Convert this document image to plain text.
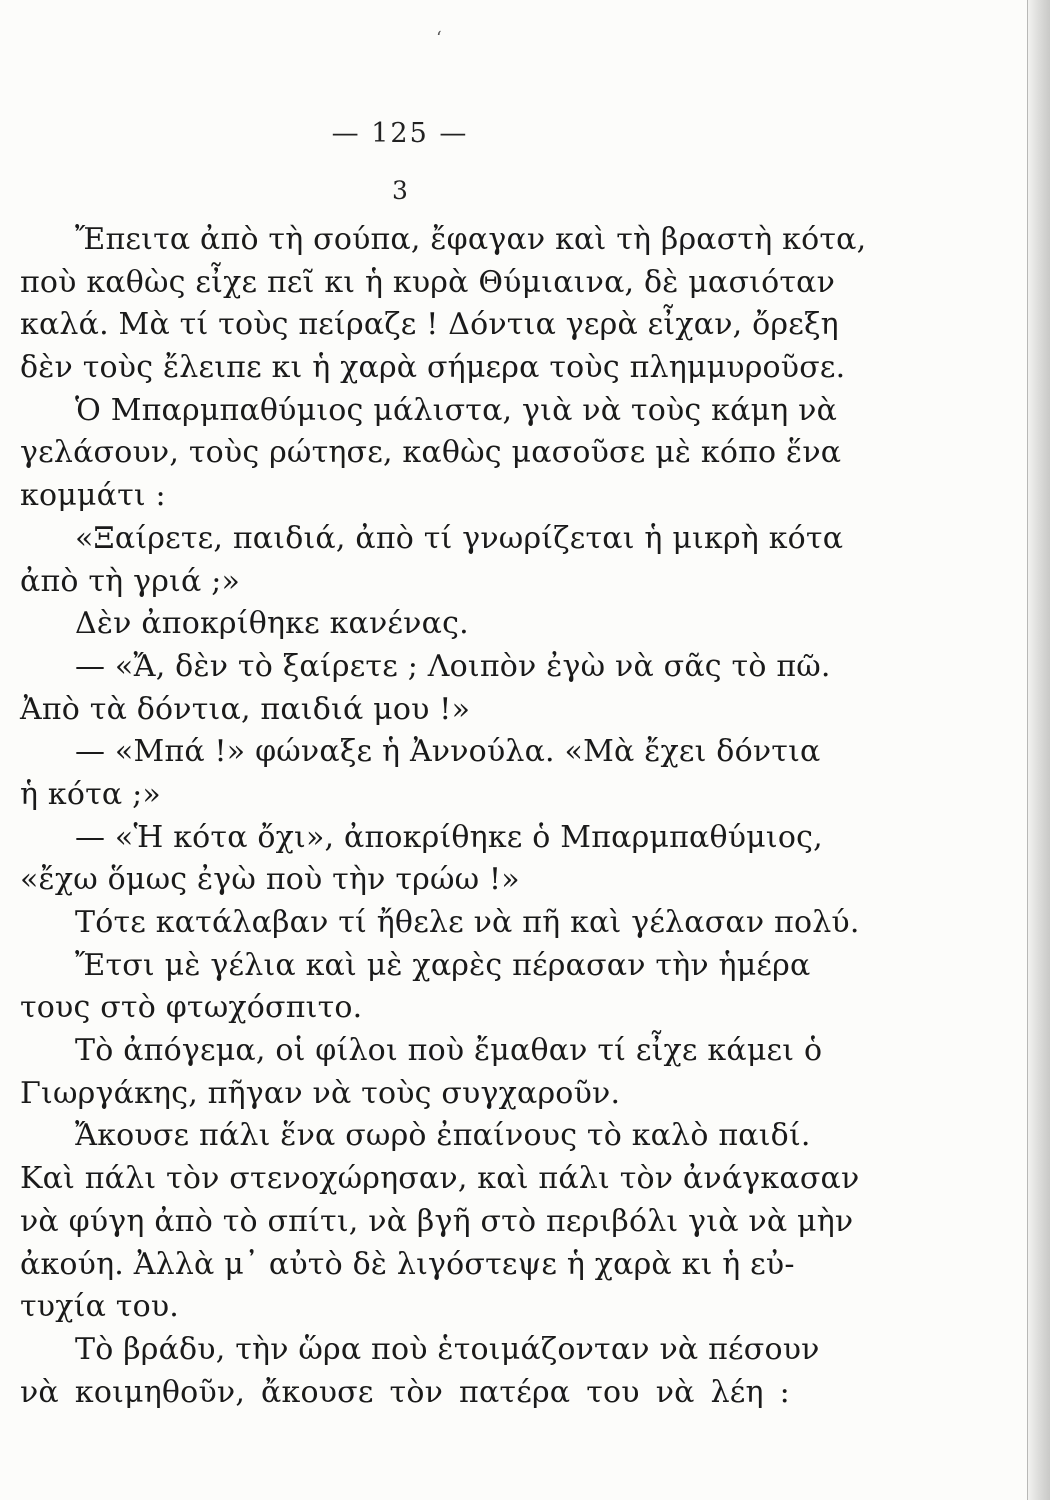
‘
— 125 —
3
Ἔπειτα ἀπὸ τὴ σούπα, ἔφαγαν καὶ τὴ βραστὴ κότα,
ποὺ καθὼς εἶχε πεῖ κι ἡ κυρὰ Θύμιαινα, δὲ μασιόταν
καλά. Μὰ τί τοὺς πείραζε ! Δόντια γερὰ εἶχαν, ὄρεξη
δὲν τοὺς ἔλειπε κι ἡ χαρὰ σήμερα τοὺς πλημμυροῦσε.
Ὁ Μπαρμπαθύμιος μάλιστα, γιὰ νὰ τοὺς κάμη νὰ
γελάσουν, τοὺς ρώτησε, καθὼς μασοῦσε μὲ κόπο ἕνα
κομμάτι :
«Ξαίρετε, παιδιά, ἀπὸ τί γνωρίζεται ἡ μικρὴ κότα
ἀπὸ τὴ γριά ;»
Δὲν ἀποκρίθηκε κανένας.
— «Ἄ, δὲν τὸ ξαίρετε ; Λοιπὸν ἐγὼ νὰ σᾶς τὸ πῶ.
Ἀπὸ τὰ δόντια, παιδιά μου !»
— «Μπά !» φώναξε ἡ Ἀννούλα. «Μὰ ἔχει δόντια
ἡ κότα ;»
— «Ἡ κότα ὄχι», ἀποκρίθηκε ὁ Μπαρμπαθύμιος,
«ἔχω ὅμως ἐγὼ ποὺ τὴν τρώω !»
Τότε κατάλαβαν τί ἤθελε νὰ πῆ καὶ γέλασαν πολύ.
Ἔτσι μὲ γέλια καὶ μὲ χαρὲς πέρασαν τὴν ἡμέρα
τους στὸ φτωχόσπιτο.
Τὸ ἀπόγεμα, οἱ φίλοι ποὺ ἔμαθαν τί εἶχε κάμει ὁ
Γιωργάκης, πῆγαν νὰ τοὺς συγχαροῦν.
Ἄκουσε πάλι ἕνα σωρὸ ἐπαίνους τὸ καλὸ παιδί.
Καὶ πάλι τὸν στενοχώρησαν, καὶ πάλι τὸν ἀνάγκασαν
νὰ φύγη ἀπὸ τὸ σπίτι, νὰ βγῆ στὸ περιβόλι γιὰ νὰ μὴν
ἀκούη. Ἀλλὰ μ᾿ αὐτὸ δὲ λιγόστεψε ἡ χαρὰ κι ἡ εὐ-
τυχία του.
Τὸ βράδυ, τὴν ὥρα ποὺ ἑτοιμάζονταν νὰ πέσουν
νὰ κοιμηθοῦν, ἄκουσε τὸν πατέρα του νὰ λέη :
